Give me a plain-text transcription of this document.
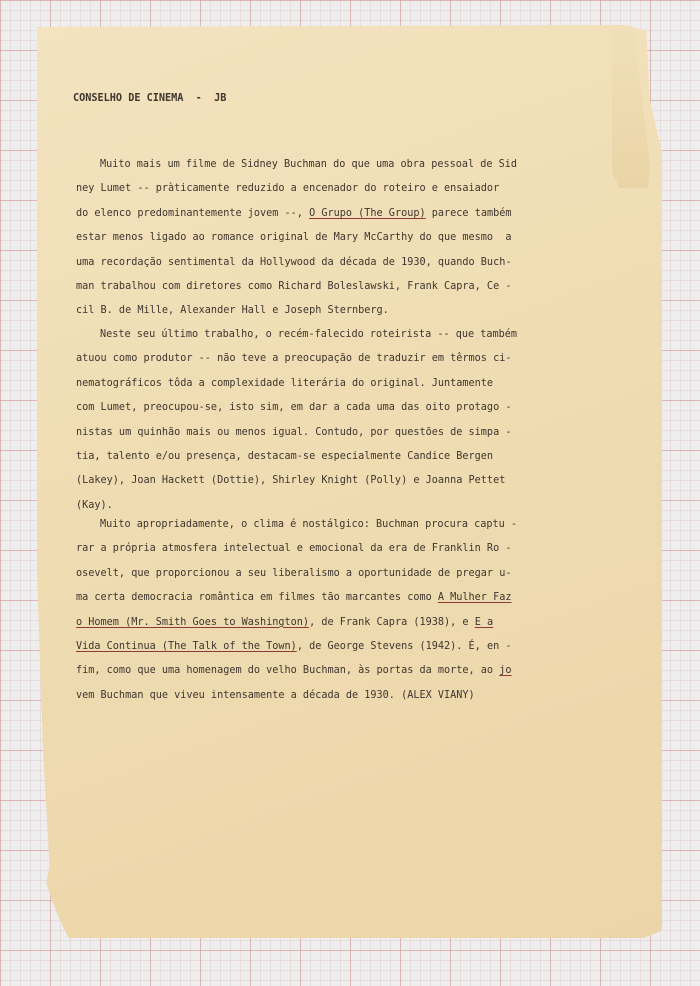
CONSELHO DE CINEMA  -  JB
Muito mais um filme de Sidney Buchman do que uma obra pessoal de Sid
ney Lumet -- pràticamente reduzido a encenador do roteiro e ensaiador
do elenco predominantemente jovem --, O Grupo (The Group) parece também
estar menos ligado ao romance original de Mary McCarthy do que mesmo  a
uma recordação sentimental da Hollywood da década de 1930, quando Buch-
man trabalhou com diretores como Richard Boleslawski, Frank Capra, Ce -
cil B. de Mille, Alexander Hall e Joseph Sternberg.
Neste seu último trabalho, o recém-falecido roteirista -- que também
atuou como produtor -- não teve a preocupação de traduzir em têrmos ci-
nematográficos tôda a complexidade literária do original. Juntamente
com Lumet, preocupou-se, isto sim, em dar a cada uma das oito protago -
nistas um quinhão mais ou menos igual. Contudo, por questões de simpa -
tia, talento e/ou presença, destacam-se especialmente Candice Bergen
(Lakey), Joan Hackett (Dottie), Shirley Knight (Polly) e Joanna Pettet
(Kay).
Muito apropriadamente, o clima é nostálgico: Buchman procura captu -
rar a própria atmosfera intelectual e emocional da era de Franklin Ro -
osevelt, que proporcionou a seu liberalismo a oportunidade de pregar u-
ma certa democracia romântica em filmes tão marcantes como A Mulher Faz
o Homem (Mr. Smith Goes to Washington), de Frank Capra (1938), e E a
Vida Continua (The Talk of the Town), de George Stevens (1942). É, en -
fim, como que uma homenagem do velho Buchman, às portas da morte, ao jo
vem Buchman que viveu intensamente a década de 1930. (ALEX VIANY)
